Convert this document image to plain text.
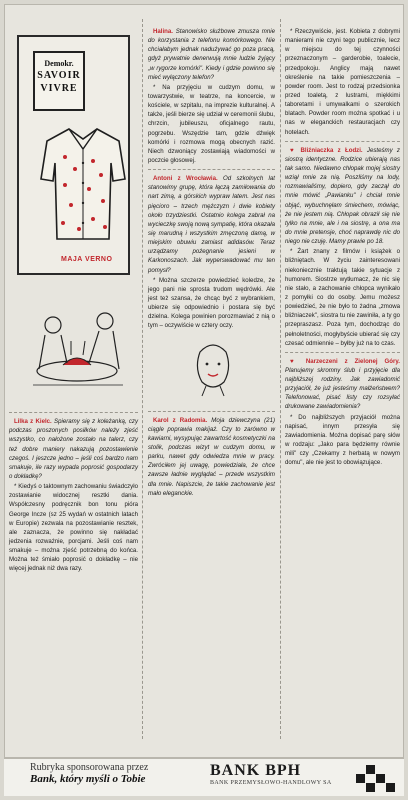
Demokr.
SAVOIR
VIVRE
MAJA VERNO

Lilka z Kielc. Spieramy się z koleżanką, czy podczas proszonych posiłków należy zjeść wszystko, co nałożone zostało na talerz, czy też dobre maniery nakazują pozostawienie czegoś. I jeszcze jedno – jeśli coś bardzo nam smakuje, ile razy wypada poprosić gospodarzy o dokładkę?

* Kiedyś o taktownym zachowaniu świadczyło zostawianie widocznej resztki dania. Współczesny podręcznik bon tonu pióra George Incze (sz 25 wydań w ostatnich latach w Europie) zezwala na pozostawianie resztek, ale zaznacza, że powinno się nakładać jedzenia rozważnie, porcjami. Jeśli coś nam smakuje – można zjeść potrzebną do końca. Można też śmiało poprosić o dokładkę – nie więcej jednak niż dwa razy.

Halina. Stanowisko służbowe zmusza mnie do korzystania z telefonu komórkowego. Nie chciałabym jednak nadużywać go poza pracą, gdyż prywatnie denerwują mnie ludzie żyjący „w rygorze komórki". Kiedy i gdzie powinno się mieć wyłączony telefon?

* Na przyjęciu w cudzym domu, w towarzystwie, w teatrze, na koncercie, w kościele, w szpitalu, na imprezie kulturalnej. A także, jeśli bierze się udział w ceremonii ślubu, chrzcin, jubileuszu, oficjalnego rautu, pogrzebu. Wszędzie tam, gdzie dźwięk komórki i rozmowa mogą obecnych razić. Niech dzwoniący zostawiają wiadomości w poczcie głosowej.

Antoni z Wrocławia. Od szkolnych lat stanowimy grupę, która łączą zamiłowania do nart zimą, a górskich wypraw latem. Jest nas pięcioro – trzech mężczyzn i dwie kobiety około trzydziestki. Ostatnio kolega zabrał na wycieczkę swoją nową sympatię, która okazała się marudną i wszystkim zmęczoną damą, w miejskim obuwiu zamiast adidasów. Teraz urządzamy pożegnanie jesieni w Karkonoszach. Jak wyperswadować mu ten pomysł?

* Można szczerze powiedzieć koledze, że jego pani nie sprosta trudom wędrówki. Ale jest też szansa, że chcąc być z wybrankiem, ubierze się odpowiednio i postara się być dzielna. Kolega powinien porozmawiać z nią o tym – oczywiście w cztery oczy.

Karol z Radomia. Moja dziewczyna (21) ciągle poprawia makijaż. Czy to zarówno w kawiarni, wysypując zawartość kosmetyczki na stolik, podczas wizyt w cudzym domu, w parku, nawet gdy odwiedza mnie w pracy. Zwróciłem jej uwagę, powiedziała, że chce zawsze ładnie wyglądać – przede wszystkim dla mnie. Napiszcie, że takie zachowanie jest mało eleganckie.

* Rzeczywiście, jest. Kobieta z dobrymi manierami nie czyni tego publicznie, lecz w miejscu do tej czynności przeznaczonym – garderobie, toalecie, przedpokoju. Anglicy mają nawet określenie na takie pomieszczenia – powder room. Jest to rodzaj przedsionka przed toaletą, z lustrami, miękkimi taboretami i umywalkami o szerokich blatach. Powder room można spotkać i u nas w eleganckich restauracjach czy hotelach.

♥ Bliźniaczka z Łodzi. Jesteśmy z siostrą identyczne. Rodzice ubierają nas tak samo. Niedawno chłopak mojej siostry wziął mnie za nią. Poszliśmy na lody, rozmawialiśmy, dopiero, gdy zaczął do mnie mówić „Pawianku" i chciał mnie objąć, wybuchnęłam śmiechem, mówiąc, że nie jestem nią. Chłopak obraził się nie tylko na mnie, ale i na siostrę, a ona ma do mnie pretensje, choć naprawdę nic do niego nie czuję. Mamy prawie po 18.

* Żart znany z filmów i książek o bliźniętach. W życiu zainteresowani niekoniecznie traktują takie sytuacje z humorem. Siostrze wytłumacz, że nic się nie stało, a zachowanie chłopca wynikało z pomyłki co do osoby. Jemu możesz powiedzieć, że nie było to żadna „zmowa bliźniaczek", siostra tu nie zawiniła, a ty go przepraszasz. Poza tym, dochodząc do pełnoletności, mogłybyście ubierać się czy czesać odmiennie – byłby już na to czas.

♥ Narzeczeni z Zielonej Góry. Planujemy skromny ślub i przyjęcie dla najbliższej rodziny. Jak zawiadomić przyjaciół, że już jesteśmy małżeństwem? Telefonować, pisać listy czy rozsyłać drukowane zawiadomienia?

* Do najbliższych przyjaciół można napisać, innym przesyła się zawiadomienia. Można dopisać parę słów w rodzaju: „Jako para będziemy równie mili" czy „Czekamy z herbatą w nowym domu", ale nie jest to obowiązujące.

Rubryka sponsorowana przez
Bank, który myśli o Tobie	BANK BPH
BANK PRZEMYSŁOWO-HANDLOWY SA
